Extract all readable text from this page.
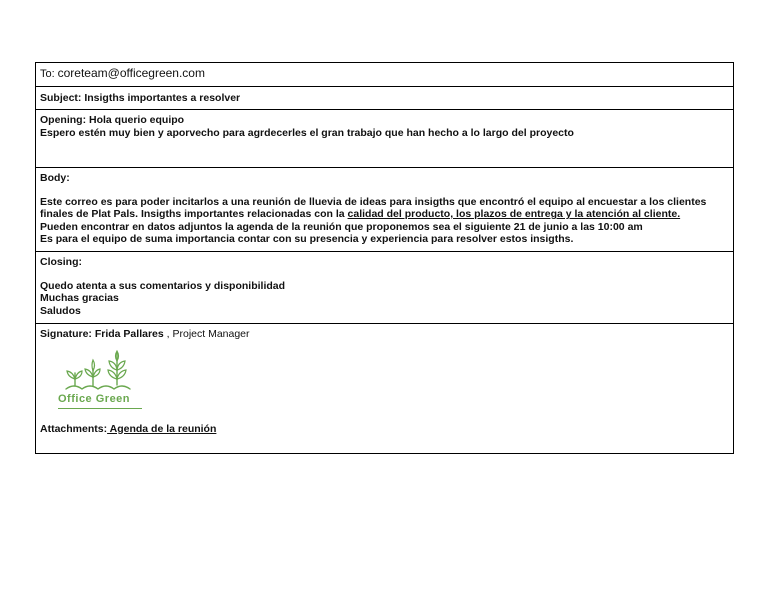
To: coreteam@officegreen.com
Subject: Insigths importantes a resolver
Opening: Hola querio equipo
Espero estén muy bien y aporvecho para agrdecerles el gran trabajo que han hecho a lo largo del proyecto
Body:
Este correo es para poder incitarlos a una reunión de lluevia de ideas para insigths que encontró el equipo al encuestar a los clientes
finales de Plat Pals. Insigths importantes relacionadas con la calidad del producto, los plazos de entrega y la atención al cliente.
Pueden encontrar en datos adjuntos la agenda de la reunión que proponemos sea el siguiente 21 de junio a las 10:00 am
Es para el equipo de suma importancia contar con su presencia y experiencia para resolver estos insigths.
Closing:
Quedo atenta a sus comentarios y disponibilidad
Muchas gracias
Saludos
Signature: Frida Pallares , Project Manager
Office Green
Attachments: Agenda de la reunión
